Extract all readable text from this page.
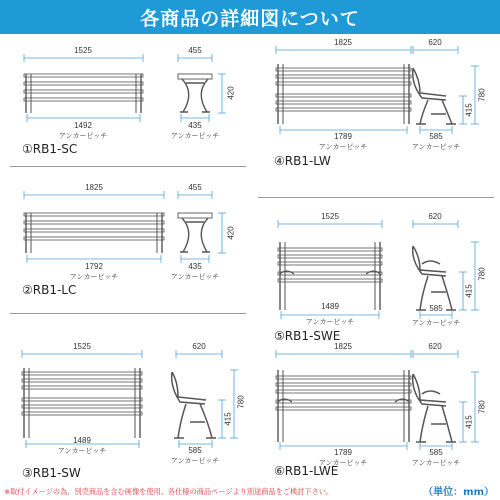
各商品の詳細図について
1525
1492
アンカーピッチ
455
435
アンカーピッチ
420
①RB1-SC
1825
1792
アンカーピッチ
455
435
アンカーピッチ
420
②RB1-LC
1525
1489
アンカーピッチ
620
585
アンカーピッチ
415
780
③RB1-SW
1825
1789
アンカーピッチ
620
585
アンカーピッチ
415
780
④RB1-LW
1525
1489
アンカーピッチ
620
585
アンカーピッチ
415
780
⑤RB1-SWE
1825
1789
アンカーピッチ
620
585
アンカーピッチ
415
780
⑥RB1-LWE
※取付イメージの為、別売商品を含む画像を使用。各仕様の商品ページより別途商品をご検討下さい。	（単位：mm）
